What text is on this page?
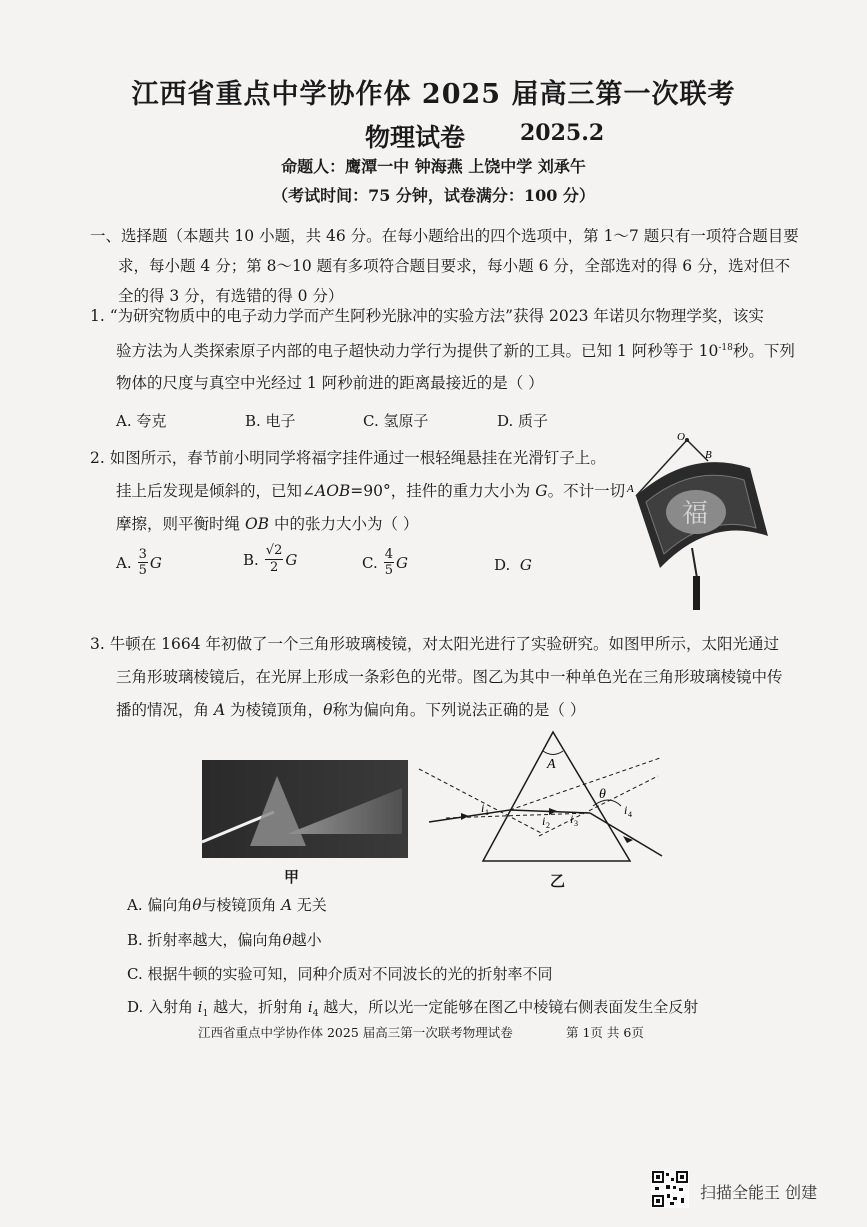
江西省重点中学协作体 2025 届高三第一次联考
物理试卷 2025.2
命题人：鹰潭一中 钟海燕 上饶中学 刘承午
（考试时间：75 分钟，试卷满分：100 分）
一、选择题（本题共 10 小题，共 46 分。在每小题给出的四个选项中，第 1～7 题只有一项符合题目要
求，每小题 4 分；第 8～10 题有多项符合题目要求，每小题 6 分，全部选对的得 6 分，选对但不
全的得 3 分，有选错的得 0 分）
1. “为研究物质中的电子动力学而产生阿秒光脉冲的实验方法”获得 2023 年诺贝尔物理学奖，该实
验方法为人类探索原子内部的电子超快动力学行为提供了新的工具。已知 1 阿秒等于 $10^{-18}$秒。下列
物体的尺度与真空中光经过 1 阿秒前进的距离最接近的是（ ）
A. 夸克	B. 电子	C. 氢原子	D. 质子
2. 如图所示，春节前小明同学将福字挂件通过一根轻绳悬挂在光滑钉子上。
挂上后发现是倾斜的，已知∠AOB=90°，挂件的重力大小为 G。不计一切
摩擦，则平衡时绳 OB 中的张力大小为（ ）
A. $\frac{3}{5}$ G	B. $\frac{√2}{2}$ G	C. $\frac{4}{5}$ G	D. G
O
B
A
福
3. 牛顿在 1664 年初做了一个三角形玻璃棱镜，对太阳光进行了实验研究。如图甲所示，太阳光通过
三角形玻璃棱镜后，在光屏上形成一条彩色的光带。图乙为其中一种单色光在三角形玻璃棱镜中传
播的情况，角 A 为棱镜顶角，θ称为偏向角。下列说法正确的是（ ）
甲
A
θ
i 1
i 2 i 3
i 4
乙
A. 偏向角θ与棱镜顶角 A 无关
B. 折射率越大，偏向角θ越小
C. 根据牛顿的实验可知，同种介质对不同波长的光的折射率不同
D. 入射角 $i_1$ 越大，折射角 $i_4$ 越大，所以光一定能够在图乙中棱镜右侧表面发生全反射
江西省重点中学协作体 2025 届高三第一次联考物理试卷	第 1页 共 6页
扫描全能王 创建
